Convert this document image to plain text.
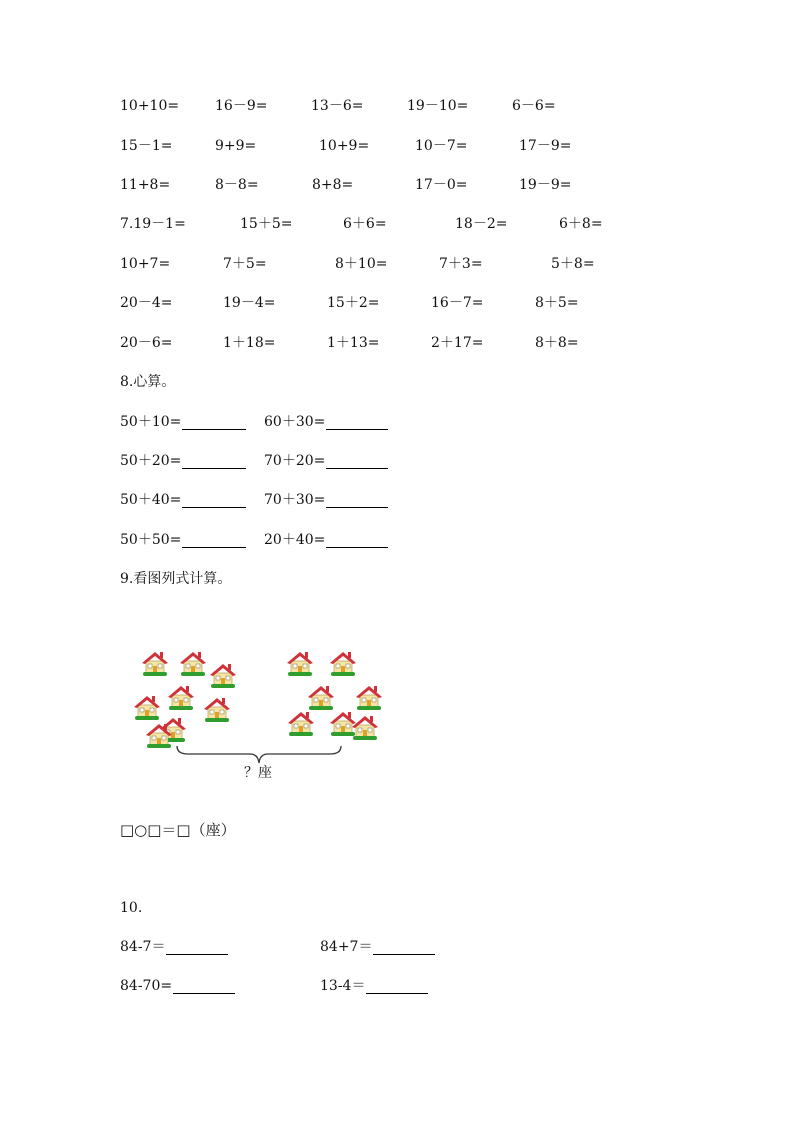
10+10=	16－9=	13－6=	19－10=	6－6=
15－1=	9+9=	10+9=	10－7=	17－9=
11+8=	8－8=	8+8=	17－0=	19－9=
7.19－1=	15＋5=	6＋6=	18－2=	6＋8=
10+7=	7＋5=	8＋10=	7＋3=	5＋8=
20－4=	19－4=	15＋2=	16－7=	8＋5=
20－6=	1＋18=	1＋13=	2＋17=	8＋8=
8.心算。
50＋10=	60＋30=
50＋20=	70＋20=
50＋40=	70＋30=
50＋50=	20＋40=
9.看图列式计算。
？座
□○□＝□（座）
10.
84-7＝	84+7＝
84-70=	13-4＝
